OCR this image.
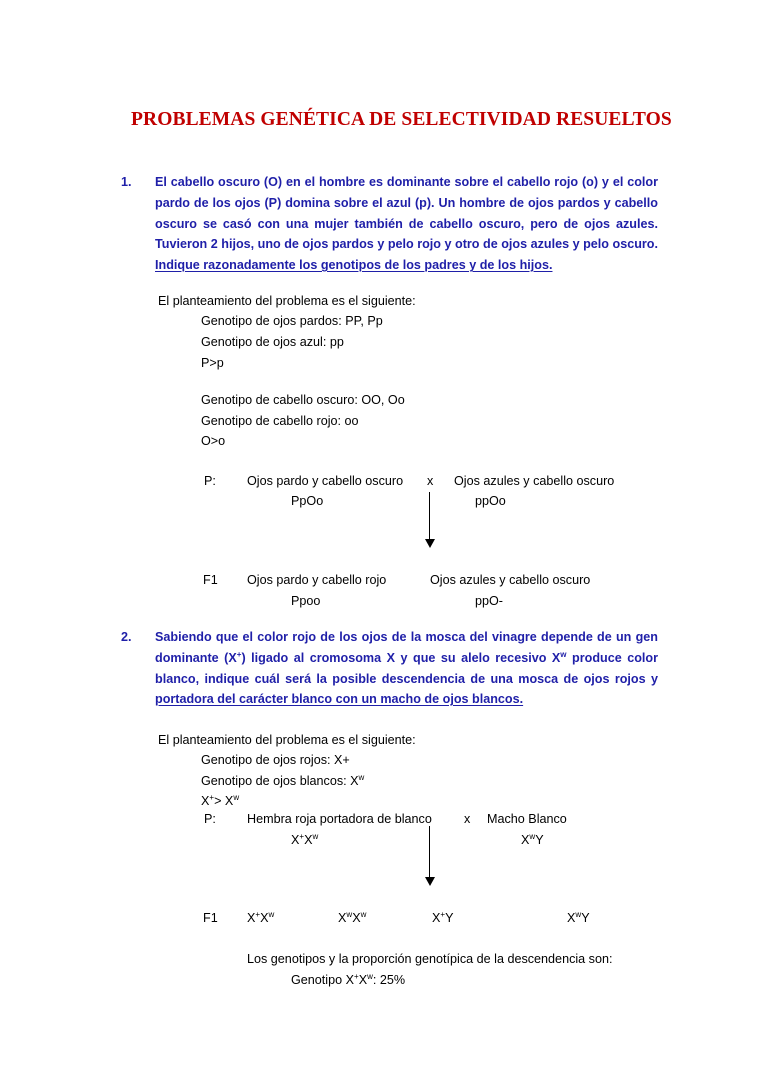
PROBLEMAS GENÉTICA DE SELECTIVIDAD RESUELTOS
1. El cabello oscuro (O) en el hombre es dominante sobre el cabello rojo (o) y el color
pardo de los ojos (P) domina sobre el azul (p). Un hombre de ojos pardos y cabello
oscuro se casó con una mujer también de cabello oscuro, pero de ojos azules.
Tuvieron 2 hijos, uno de ojos pardos y pelo rojo y otro de ojos azules y pelo oscuro.
Indique razonadamente los genotipos de los padres y de los hijos.
El planteamiento del problema es el siguiente:
Genotipo de ojos pardos: PP, Pp
Genotipo de ojos azul: pp
P>p
Genotipo de cabello oscuro: OO, Oo
Genotipo de cabello rojo: oo
O>o
P: Ojos pardo y cabello oscuro x Ojos azules y cabello oscuro
PpOo	ppOo
F1 Ojos pardo y cabello rojo	Ojos azules y cabello oscuro
Ppoo	ppO-
2. Sabiendo que el color rojo de los ojos de la mosca del vinagre depende de un gen
dominante (X+) ligado al cromosoma X y que su alelo recesivo $X^w$ produce color
blanco, indique cuál será la posible descendencia de una mosca de ojos rojos y
portadora del carácter blanco con un macho de ojos blancos.
El planteamiento del problema es el siguiente:
Genotipo de ojos rojos: X+
Genotipo de ojos blancos: $X^w$
$X^+> X^w$
P: Hembra roja portadora de blanco	x Macho Blanco
$X^+X^w$	$X^wY$
F1 $X^+X^w$	$X^wX^w$	X+Y	$X^wY$
Los genotipos y la proporción genotípica de la descendencia son:
Genotipo $X^+X^w$: 25%
